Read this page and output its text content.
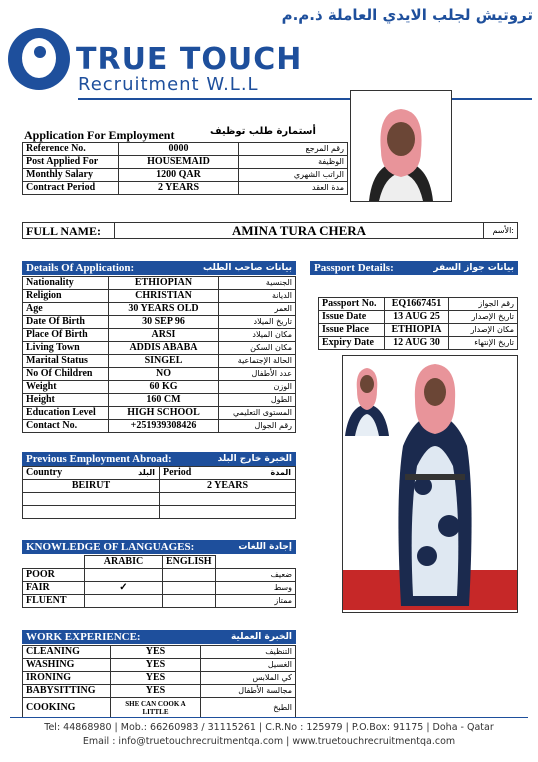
تروتيش لجلب الايدي العاملة ذ.م.م
TRUE TOUCH
Recruitment W.L.L
Application For Employment	أستمارة طلب توظيف
Reference No.	0000	رقم المرجع
Post Applied For	HOUSEMAID	الوظيفة
Monthly Salary	1200 QAR	الراتب الشهري
Contract Period	2 YEARS	مدة العقد
FULL NAME:	AMINA TURA CHERA	الأسم:
Details Of Application:	بيانات صاحب الطلب
Nationality	ETHIOPIAN	الجنسية
Religion	CHRISTIAN	الديانة
Age	30 YEARS OLD	العمر
Date Of Birth	30 SEP 96	تاريخ الميلاد
Place Of Birth	ARSI	مكان الميلاد
Living Town	ADDIS ABABA	مكان السكن
Marital Status	SINGEL	الحالة الإجتماعية
No Of Children	NO	عدد الأطفال
Weight	60 KG	الوزن
Height	160 CM	الطول
Education Level	HIGH SCHOOL	المستوى التعليمي
Contact No.	+251939308426	رقم الجوال
Passport Details:	بيانات جواز السفر
Passport No.	EQ1667451	رقم الجواز
Issue Date	13 AUG 25	تاريخ الإصدار
Issue Place	ETHIOPIA	مكان الإصدار
Expiry Date	12 AUG 30	تاريخ الإنتهاء
Previous Employment Abroad:	الخبرة خارج البلد
Country البلد	Period المدة

BEIRUT	2 YEARS

KNOWLEDGE OF LANGUAGES:	إجادة اللغات
	ARABIC	ENGLISH	
POOR			ضعيف
FAIR	✓		وسط
FLUENT			ممتاز
WORK EXPERIENCE:	الخبرة العملية
CLEANING	YES	التنظيف
WASHING	YES	الغسيل
IRONING	YES	كي الملابس
BABYSITTING	YES	مجالسة الأطفال
COOKING	SHE CAN COOK A LITTLE	الطبخ
Tel: 44868980 | Mob.: 66260983 / 31115261 | C.R.No : 125979 | P.O.Box: 91175 | Doha - Qatar
Email : info@truetouchrecruitmentqa.com | www.truetouchrecruitmentqa.com
